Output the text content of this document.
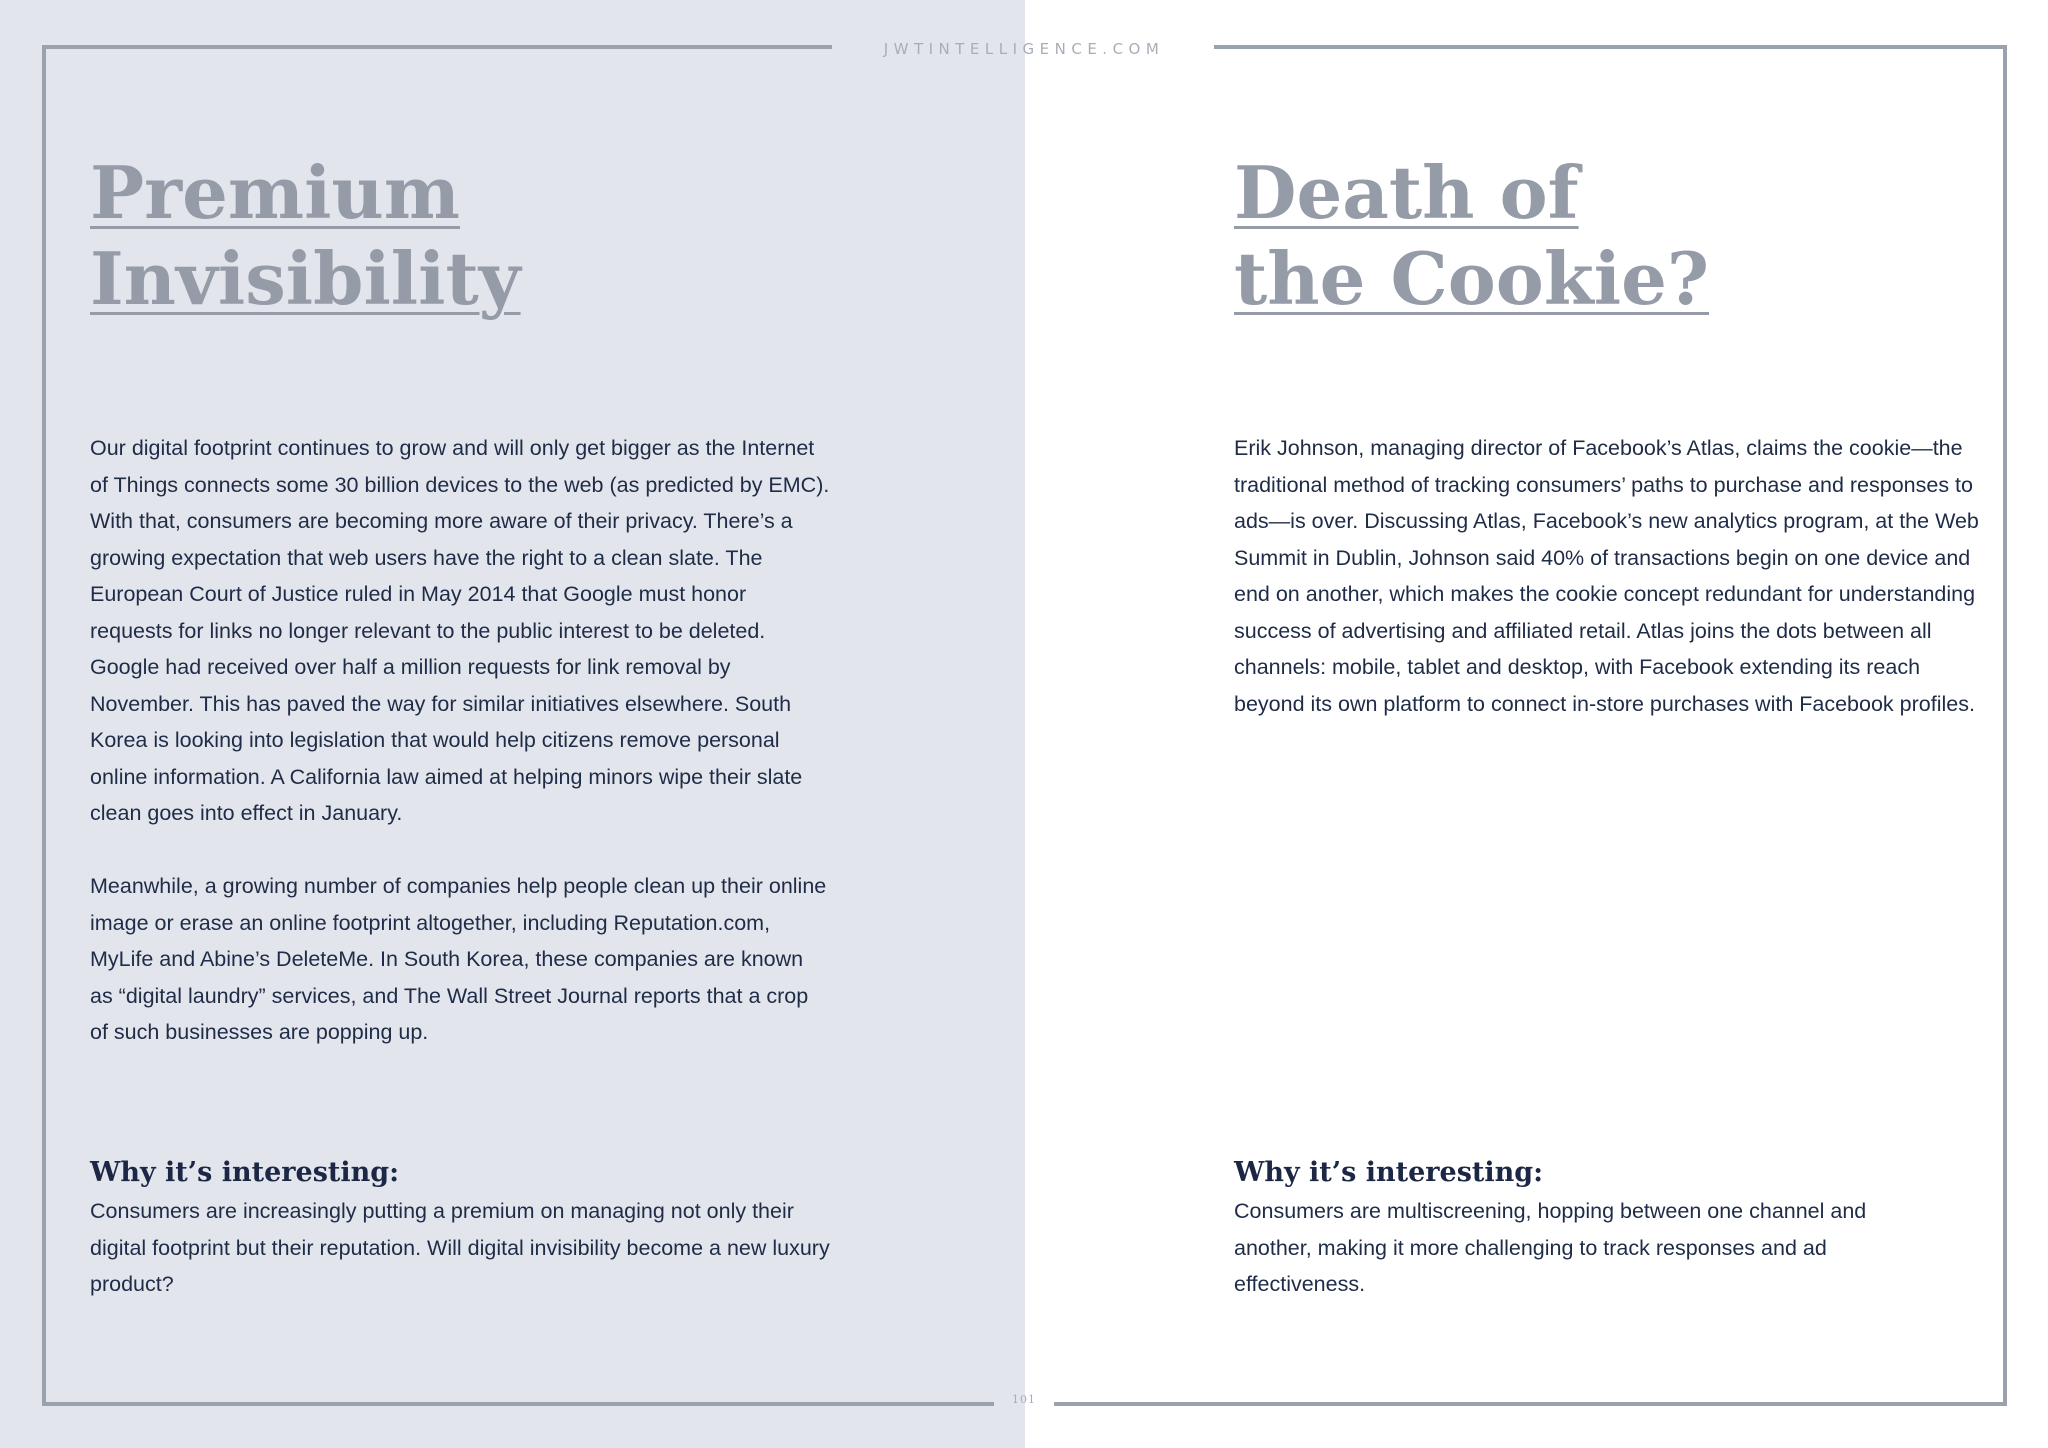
JWTINTELLIGENCE.COM
101
Premium
Invisibility

Our digital footprint continues to grow and will only get bigger as the Internet of Things connects some 30 billion devices to the web (as predicted by EMC). With that, consumers are becoming more aware of their privacy. There’s a growing expectation that web users have the right to a clean slate. The European Court of Justice ruled in May 2014 that Google must honor requests for links no longer relevant to the public interest to be deleted. Google had received over half a million requests for link removal by November. This has paved the way for similar initiatives elsewhere. South Korea is looking into legislation that would help citizens remove personal online information. A California law aimed at helping minors wipe their slate clean goes into effect in January.

Meanwhile, a growing number of companies help people clean up their online image or erase an online footprint altogether, including Reputation.com, MyLife and Abine’s DeleteMe. In South Korea, these companies are known as “digital laundry” services, and The Wall Street Journal reports that a crop of such businesses are popping up.

Why it’s interesting:

Consumers are increasingly putting a premium on managing not only their digital footprint but their reputation. Will digital invisibility become a new luxury product?

Death of
the Cookie?

Erik Johnson, managing director of Facebook’s Atlas, claims the cookie—the traditional method of tracking consumers’ paths to purchase and responses to ads—is over. Discussing Atlas, Facebook’s new analytics program, at the Web Summit in Dublin, Johnson said 40% of transactions begin on one device and end on another, which makes the cookie concept redundant for understanding success of advertising and affiliated retail. Atlas joins the dots between all channels: mobile, tablet and desktop, with Facebook extending its reach beyond its own platform to connect in-store purchases with Facebook profiles.

Why it’s interesting:

Consumers are multiscreening, hopping between one channel and another, making it more challenging to track responses and ad effectiveness.
